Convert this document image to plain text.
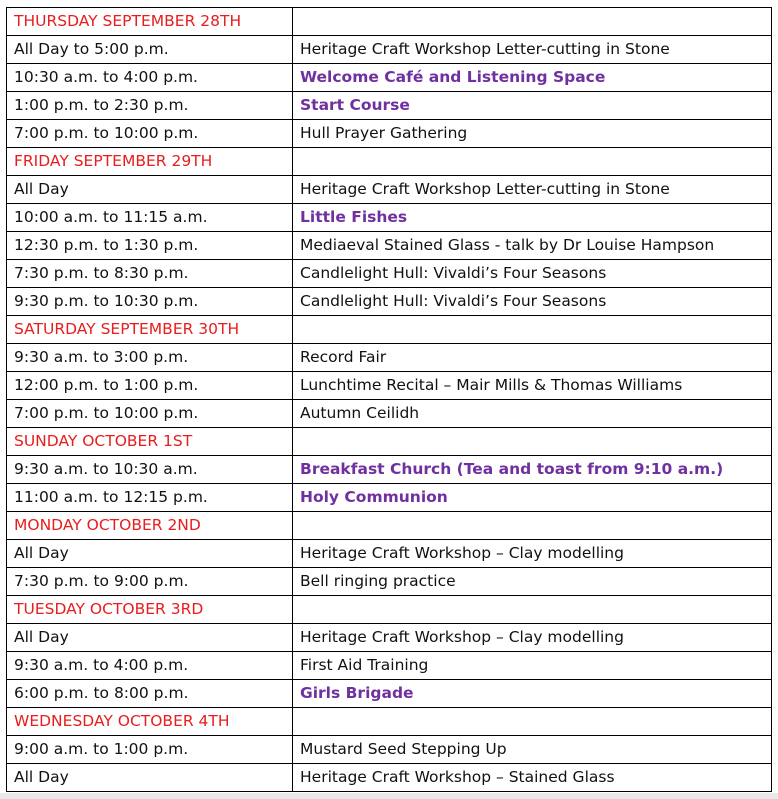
THURSDAY SEPTEMBER 28TH	
All Day to 5:00 p.m.	Heritage Craft Workshop Letter-cutting in Stone
10:30 a.m. to 4:00 p.m.	Welcome Café and Listening Space
1:00 p.m. to 2:30 p.m.	Start Course
7:00 p.m. to 10:00 p.m.	Hull Prayer Gathering
FRIDAY SEPTEMBER 29TH	
All Day	Heritage Craft Workshop Letter-cutting in Stone
10:00 a.m. to 11:15 a.m.	Little Fishes
12:30 p.m. to 1:30 p.m.	Mediaeval Stained Glass - talk by Dr Louise Hampson
7:30 p.m. to 8:30 p.m.	Candlelight Hull: Vivaldi’s Four Seasons
9:30 p.m. to 10:30 p.m.	Candlelight Hull: Vivaldi’s Four Seasons
SATURDAY SEPTEMBER 30TH	
9:30 a.m. to 3:00 p.m.	Record Fair
12:00 p.m. to 1:00 p.m.	Lunchtime Recital – Mair Mills & Thomas Williams
7:00 p.m. to 10:00 p.m.	Autumn Ceilidh
SUNDAY OCTOBER 1ST	
9:30 a.m. to 10:30 a.m.	Breakfast Church (Tea and toast from 9:10 a.m.)
11:00 a.m. to 12:15 p.m.	Holy Communion
MONDAY OCTOBER 2ND	
All Day	Heritage Craft Workshop – Clay modelling
7:30 p.m. to 9:00 p.m.	Bell ringing practice
TUESDAY OCTOBER 3RD	
All Day	Heritage Craft Workshop – Clay modelling
9:30 a.m. to 4:00 p.m.	First Aid Training
6:00 p.m. to 8:00 p.m.	Girls Brigade
WEDNESDAY OCTOBER 4TH	
9:00 a.m. to 1:00 p.m.	Mustard Seed Stepping Up
All Day	Heritage Craft Workshop – Stained Glass
